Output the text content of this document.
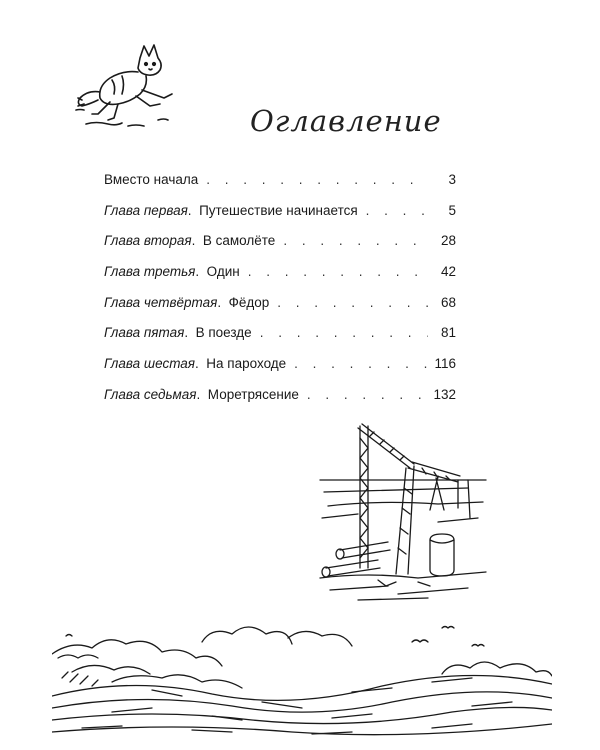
Оглавление
Вместо начала . . .	3
Глава первая.  Путешествие начинается . . .	5
Глава вторая.  В самолёте . . .	28
Глава третья.  Один . . .	42
Глава четвёртая.  Фёдор . . .	68
Глава пятая.  В поезде . . .	81
Глава шестая.  На пароходе . . .	116
Глава седьмая.  Моретрясение . . .	132
